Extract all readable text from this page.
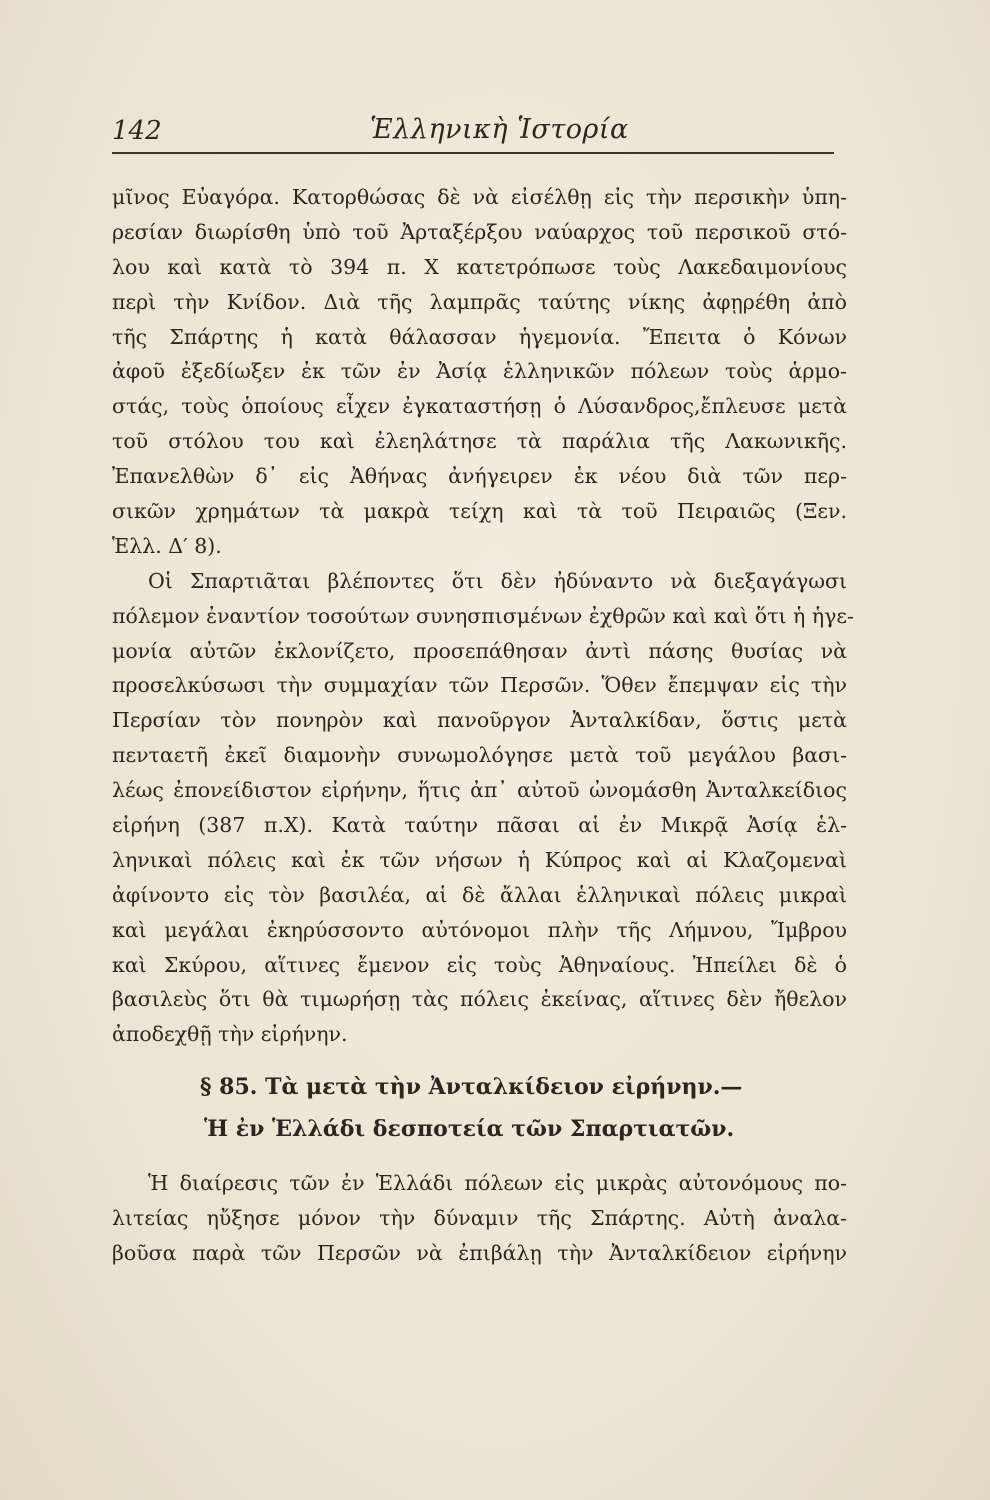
142	Ἑλληνικὴ Ἱστορία
μῖνος Εὐαγόρα. Κατορθώσας δὲ νὰ εἰσέλθῃ εἰς τὴν περσικὴν ὑπη-
ρεσίαν διωρίσθη ὑπὸ τοῦ Ἀρταξέρξου ναύαρχος τοῦ περσικοῦ στό-
λου καὶ κατὰ τὸ 394 π. Χ κατετρόπωσε τοὺς Λακεδαιμονίους
περὶ τὴν Κνίδον. Διὰ τῆς λαμπρᾶς ταύτης νίκης ἀφῃρέθη ἀπὸ
τῆς Σπάρτης ἡ κατὰ θάλασσαν ἡγεμονία. Ἔπειτα ὁ Κόνων
ἀφοῦ ἐξεδίωξεν ἐκ τῶν ἐν Ἀσίᾳ ἑλληνικῶν πόλεων τοὺς ἁρμο-
στάς, τοὺς ὁποίους εἶχεν ἐγκαταστήσῃ ὁ Λύσανδρος,ἔπλευσε μετὰ
τοῦ στόλου του καὶ ἐλεηλάτησε τὰ παράλια τῆς Λακωνικῆς.
Ἐπανελθὼν δ᾽ εἰς Ἀθήνας ἀνήγειρεν ἐκ νέου διὰ τῶν περ-
σικῶν χρημάτων τὰ μακρὰ τείχη καὶ τὰ τοῦ Πειραιῶς (Ξεν.
Ἑλλ. Δ′ 8).
Οἱ Σπαρτιᾶται βλέποντες ὅτι δὲν ἠδύναντο νὰ διεξαγάγωσι
πόλεμον ἐναντίον τοσούτων συνησπισμένων ἐχθρῶν καὶ καὶ ὅτι ἡ ἡγε-
μονία αὐτῶν ἐκλονίζετο, προσεπάθησαν ἀντὶ πάσης θυσίας νὰ
προσελκύσωσι τὴν συμμαχίαν τῶν Περσῶν. Ὅθεν ἔπεμψαν εἰς τὴν
Περσίαν τὸν πονηρὸν καὶ πανοῦργον Ἀνταλκίδαν, ὅστις μετὰ
πενταετῆ ἐκεῖ διαμονὴν συνωμολόγησε μετὰ τοῦ μεγάλου βασι-
λέως ἐπονείδιστον εἰρήνην, ἥτις ἀπ᾽ αὐτοῦ ὠνομάσθη Ἀνταλκείδιος
εἰρήνη (387 π.Χ). Κατὰ ταύτην πᾶσαι αἱ ἐν Μικρᾷ Ἀσίᾳ ἑλ-
ληνικαὶ πόλεις καὶ ἐκ τῶν νήσων ἡ Κύπρος καὶ αἱ Κλαζομεναὶ
ἀφίνοντο εἰς τὸν βασιλέα, αἱ δὲ ἄλλαι ἑλληνικαὶ πόλεις μικραὶ
καὶ μεγάλαι ἐκηρύσσοντο αὐτόνομοι πλὴν τῆς Λήμνου, Ἴμβρου
καὶ Σκύρου, αἵτινες ἔμενον εἰς τοὺς Ἀθηναίους. Ἠπείλει δὲ ὁ
βασιλεὺς ὅτι θὰ τιμωρήσῃ τὰς πόλεις ἐκείνας, αἵτινες δὲν ἤθελον
ἀποδεχθῇ τὴν εἰρήνην.
§ 85. Τὰ μετὰ τὴν Ἀνταλκίδειον εἰρήνην.—
Ἡ ἐν Ἑλλάδι δεσποτεία τῶν Σπαρτιατῶν.
Ἡ διαίρεσις τῶν ἐν Ἑλλάδι πόλεων εἰς μικρὰς αὐτονόμους πο-
λιτείας ηὔξησε μόνον τὴν δύναμιν τῆς Σπάρτης. Αὐτὴ ἀναλα-
βοῦσα παρὰ τῶν Περσῶν νὰ ἐπιβάλῃ τὴν Ἀνταλκίδειον εἰρήνην
